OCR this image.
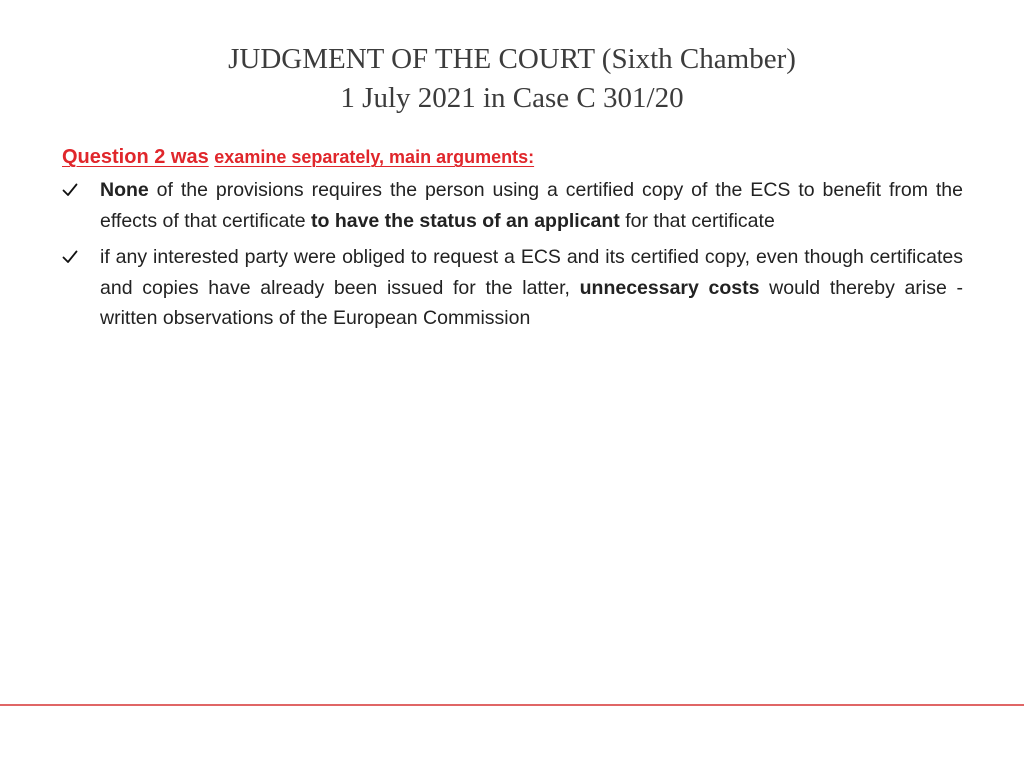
JUDGMENT OF THE COURT (Sixth Chamber)
1 July 2021 in Case C 301/20

Question 2 was examine separately, main arguments:

None of the provisions requires the person using a certified copy of the ECS to benefit from the effects of that certificate to have the status of an applicant for that certificate
if any interested party were obliged to request a ECS and its certified copy, even though certificates and copies have already been issued for the latter, unnecessary costs would thereby arise - written observations of the European Commission
